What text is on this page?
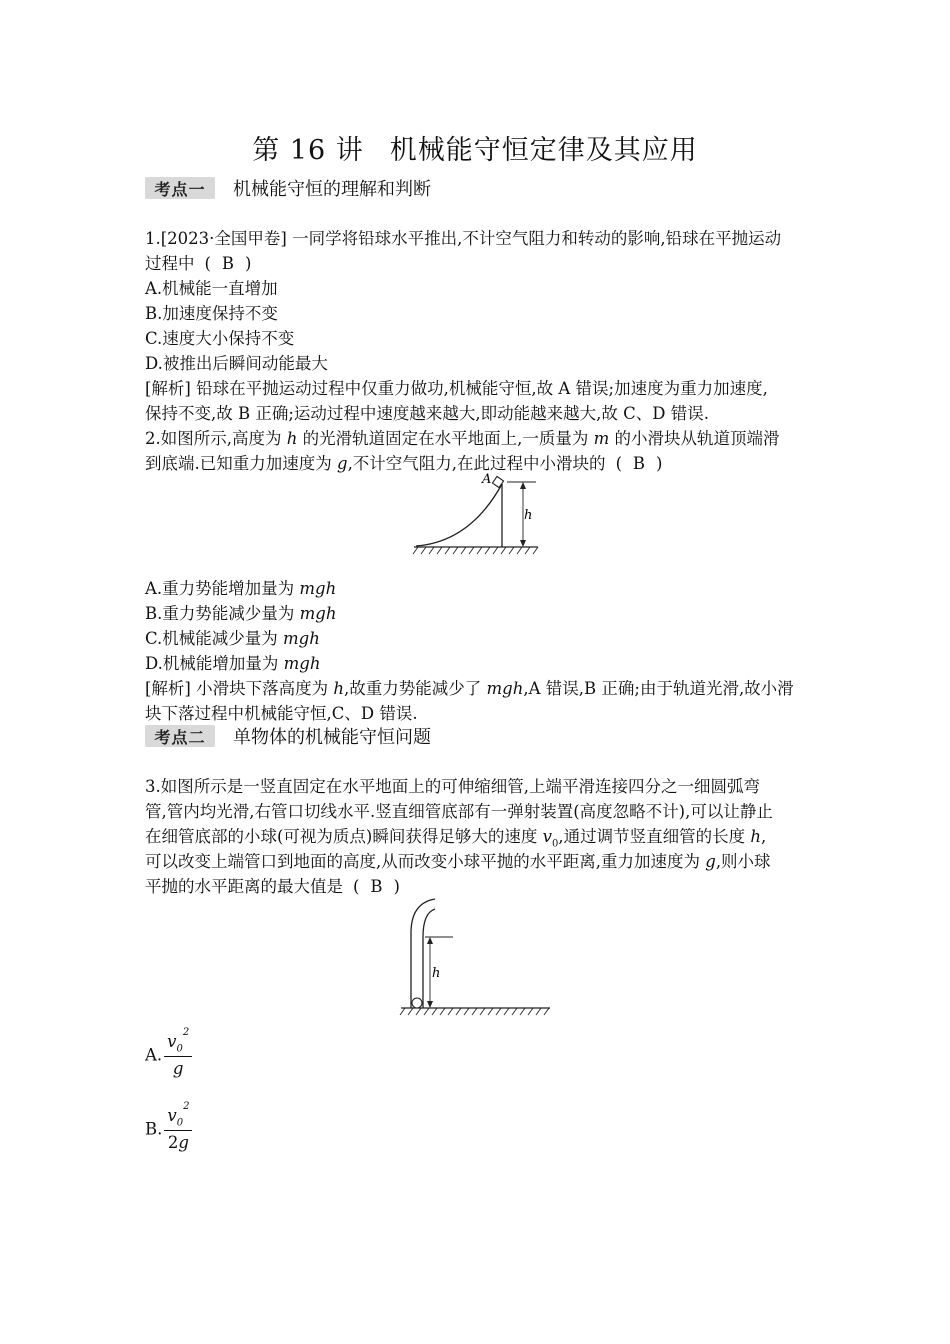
第 16 讲 机械能守恒定律及其应用
考点一	机械能守恒的理解和判断
1.[2023·全国甲卷] 一同学将铅球水平推出,不计空气阻力和转动的影响,铅球在平抛运动
过程中 ( B )
A.机械能一直增加
B.加速度保持不变
C.速度大小保持不变
D.被推出后瞬间动能最大
[解析] 铅球在平抛运动过程中仅重力做功,机械能守恒,故 A 错误;加速度为重力加速度,
保持不变,故 B 正确;运动过程中速度越来越大,即动能越来越大,故 C、D 错误.
2.如图所示,高度为 h 的光滑轨道固定在水平地面上,一质量为 m 的小滑块从轨道顶端滑
到底端.已知重力加速度为 g,不计空气阻力,在此过程中小滑块的 ( B )
A
h
A.重力势能增加量为 mgh
B.重力势能减少量为 mgh
C.机械能减少量为 mgh
D.机械能增加量为 mgh
[解析] 小滑块下落高度为 h,故重力势能减少了 mgh,A 错误,B 正确;由于轨道光滑,故小滑
块下落过程中机械能守恒,C、D 错误.
考点二	单物体的机械能守恒问题
3.如图所示是一竖直固定在水平地面上的可伸缩细管,上端平滑连接四分之一细圆弧弯
管,管内均光滑,右管口切线水平.竖直细管底部有一弹射装置(高度忽略不计),可以让静止
在细管底部的小球(可视为质点)瞬间获得足够大的速度 $v_0$,通过调节竖直细管的长度 h,
可以改变上端管口到地面的高度,从而改变小球平抛的水平距离,重力加速度为 g,则小球
平抛的水平距离的最大值是 ( B )
h
A. $\frac{v_0^2}{g}$
B. $\frac{v_0^2}{2g}$
